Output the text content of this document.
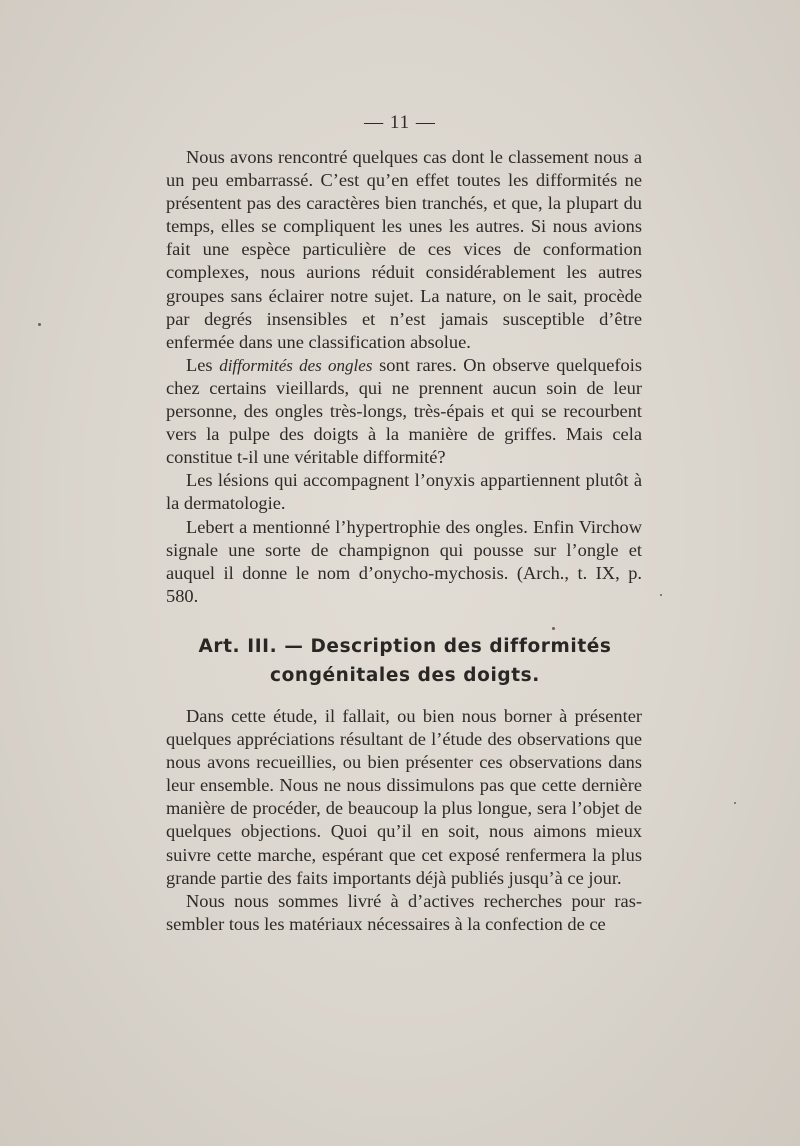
— 11 —

Nous avons rencontré quelques cas dont le classement nous a un peu embarrassé. C’est qu’en effet toutes les difformités ne présentent pas des caractères bien tranchés, et que, la plupart du temps, elles se compliquent les unes les autres. Si nous avions fait une espèce particulière de ces vices de conformation complexes, nous aurions réduit considérablement les autres groupes sans éclairer notre sujet. La nature, on le sait, procède par degrés insensibles et n’est jamais susceptible d’être enfermée dans une classification absolue.

Les difformités des ongles sont rares. On observe quelquefois chez certains vieillards, qui ne prennent aucun soin de leur personne, des ongles très-longs, très-épais et qui se recourbent vers la pulpe des doigts à la manière de griffes. Mais cela constitue t-il une véritable difformité?

Les lésions qui accompagnent l’onyxis appartiennent plutôt à la dermatologie.

Lebert a mentionné l’hypertrophie des ongles. Enfin Virchow signale une sorte de champignon qui pousse sur l’ongle et auquel il donne le nom d’onycho-mychosis. (Arch., t. IX, p. 580.

Art. III. — Description des difformités
congénitales des doigts.

Dans cette étude, il fallait, ou bien nous borner à présenter quelques appréciations résultant de l’étude des observations que nous avons recueillies, ou bien présenter ces observations dans leur ensemble. Nous ne nous dissimulons pas que cette dernière manière de procéder, de beaucoup la plus longue, sera l’objet de quelques objections. Quoi qu’il en soit, nous aimons mieux suivre cette marche, espérant que cet exposé renfermera la plus grande partie des faits importants déjà publiés jusqu’à ce jour.

Nous nous sommes livré à d’actives recherches pour rassembler tous les matériaux nécessaires à la confection de ce
